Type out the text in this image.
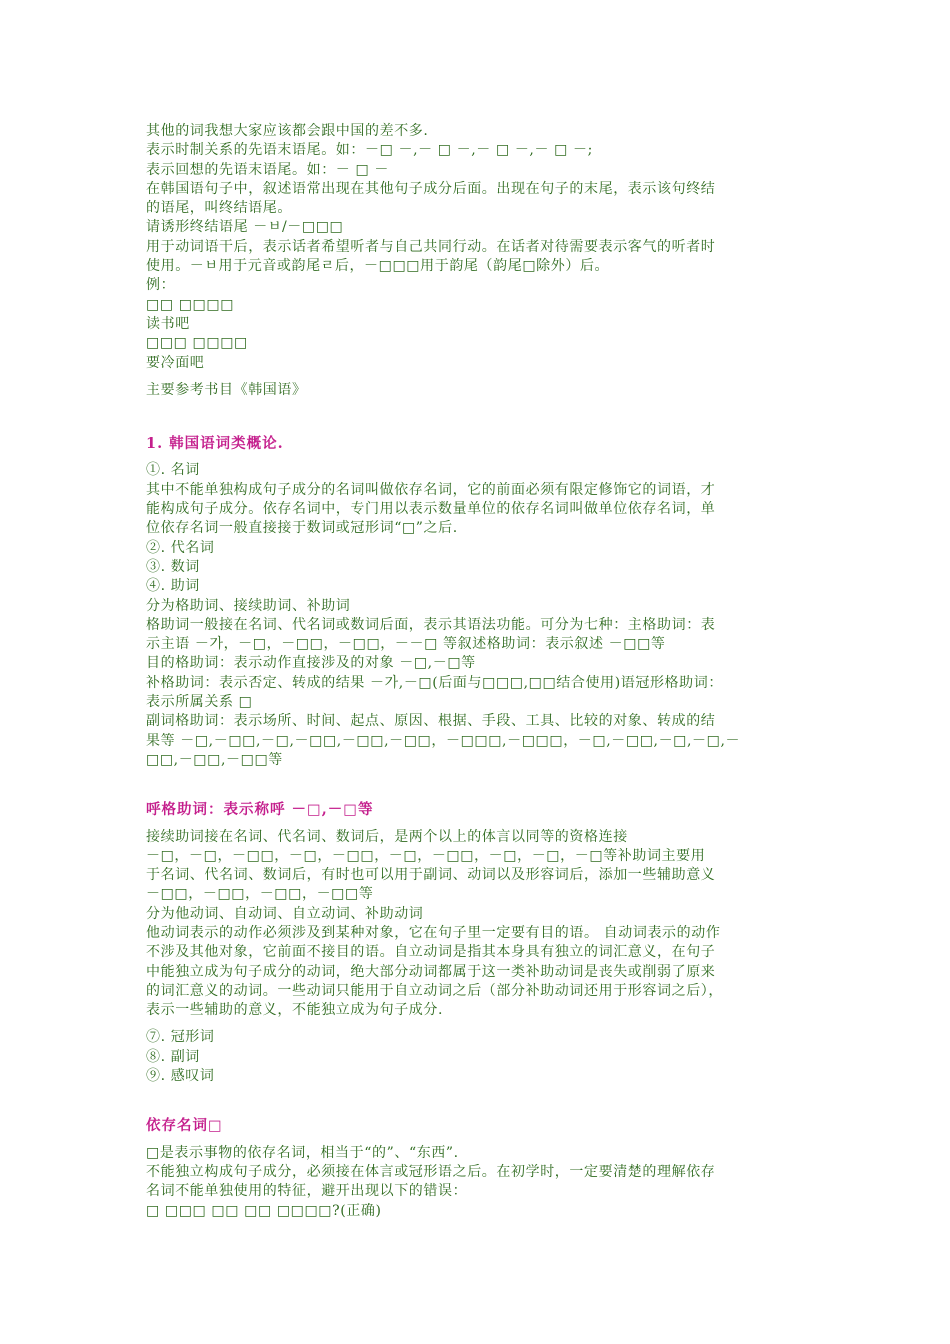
其他的词我想大家应该都会跟中国的差不多.
表示时制关系的先语末语尾。如：－□ －,－ □ －,－ □ －,－ □ －;
表示回想的先语末语尾。如：－ □ －
在韩国语句子中，叙述语常出现在其他句子成分后面。出现在句子的末尾，表示该句终结
的语尾，叫终结语尾。
请诱形终结语尾 －ㅂ/－□□□
用于动词语干后，表示话者希望听者与自己共同行动。在话者对待需要表示客气的听者时
使用。－ㅂ用于元音或韵尾ㄹ后，－□□□用于韵尾（韵尾□除外）后。
例：
□□ □□□□
读书吧
□□□ □□□□
要冷面吧
主要参考书目《韩国语》
1. 韩国语词类概论.
①. 名词
其中不能单独构成句子成分的名词叫做依存名词，它的前面必须有限定修饰它的词语，才
能构成句子成分。依存名词中，专门用以表示数量单位的依存名词叫做单位依存名词，单
位依存名词一般直接接于数词或冠形词“□”之后.
②. 代名词
③. 数词
④. 助词
分为格助词、接续助词、补助词
格助词一般接在名词、代名词或数词后面，表示其语法功能。可分为七种：主格助词：表
示主语 －가，－□，－□□，－□□，－－□ 等叙述格助词：表示叙述 －□□等
目的格助词：表示动作直接涉及的对象 －□,－□等
补格助词：表示否定、转成的结果 －가,－□(后面与□□□,□□结合使用)语冠形格助词：
表示所属关系 □
副词格助词：表示场所、时间、起点、原因、根据、手段、工具、比较的对象、转成的结
果等 －□,－□□,－□,－□□,－□□,－□□，－□□□,－□□□，－□,－□□,－□,－□,－
□□,－□□,－□□等
呼格助词：表示称呼 －□,－□等
接续助词接在名词、代名词、数词后，是两个以上的体言以同等的资格连接
－□，－□，－□□，－□，－□□，－□，－□□，－□，－□，－□等补助词主要用
于名词、代名词、数词后，有时也可以用于副词、动词以及形容词后，添加一些辅助意义
－□□，－□□，－□□，－□□等
分为他动词、自动词、自立动词、补助动词
他动词表示的动作必须涉及到某种对象，它在句子里一定要有目的语。 自动词表示的动作
不涉及其他对象，它前面不接目的语。自立动词是指其本身具有独立的词汇意义，在句子
中能独立成为句子成分的动词，绝大部分动词都属于这一类补助动词是丧失或削弱了原来
的词汇意义的动词。一些动词只能用于自立动词之后（部分补助动词还用于形容词之后），
表示一些辅助的意义，不能独立成为句子成分.
⑦. 冠形词
⑧. 副词
⑨. 感叹词
依存名词□
□是表示事物的依存名词，相当于“的”、“东西”.
不能独立构成句子成分，必须接在体言或冠形语之后。在初学时，一定要清楚的理解依存
名词不能单独使用的特征，避开出现以下的错误：
□ □□□ □□ □□ □□□□?(正确)
